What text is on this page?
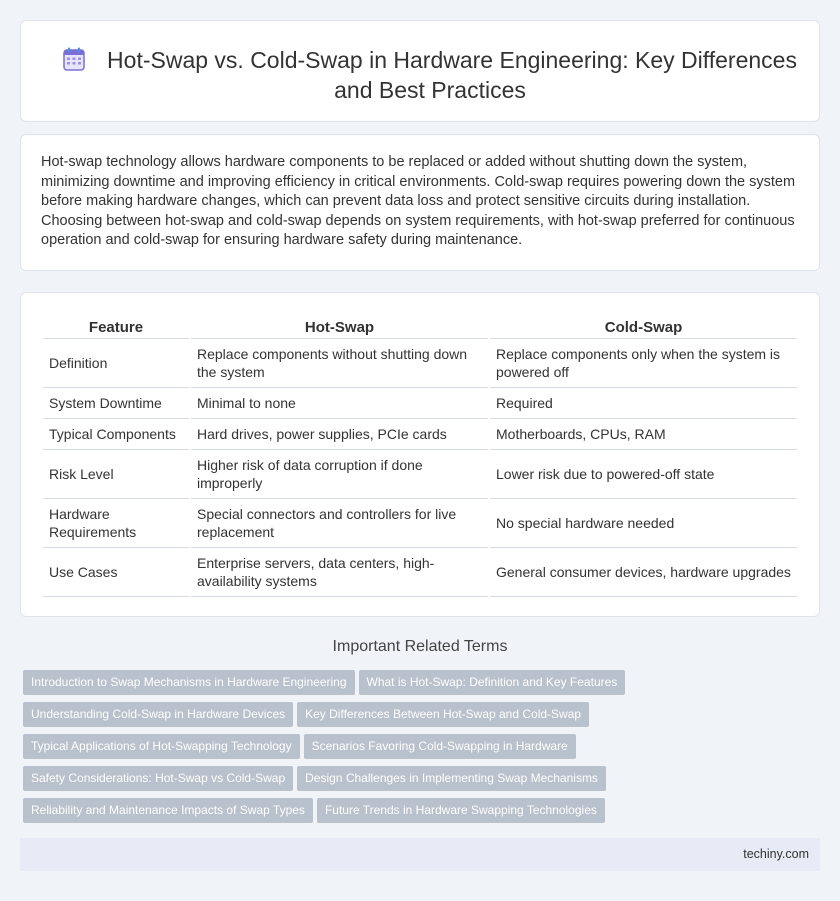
Hot-Swap vs. Cold-Swap in Hardware Engineering: Key Differences and Best Practices

Hot-swap technology allows hardware components to be replaced or added without shutting down the system, minimizing downtime and improving efficiency in critical environments. Cold-swap requires powering down the system before making hardware changes, which can prevent data loss and protect sensitive circuits during installation. Choosing between hot-swap and cold-swap depends on system requirements, with hot-swap preferred for continuous operation and cold-swap for ensuring hardware safety during maintenance.

Feature	Hot-Swap	Cold-Swap
Definition	Replace components without shutting down the system	Replace components only when the system is powered off
System Downtime	Minimal to none	Required
Typical Components	Hard drives, power supplies, PCIe cards	Motherboards, CPUs, RAM
Risk Level	Higher risk of data corruption if done improperly	Lower risk due to powered-off state
Hardware Requirements	Special connectors and controllers for live replacement	No special hardware needed
Use Cases	Enterprise servers, data centers, high-availability systems	General consumer devices, hardware upgrades
Important Related Terms
Introduction to Swap Mechanisms in Hardware Engineering What is Hot-Swap: Definition and Key Features
Understanding Cold-Swap in Hardware Devices Key Differences Between Hot-Swap and Cold-Swap
Typical Applications of Hot-Swapping Technology Scenarios Favoring Cold-Swapping in Hardware
Safety Considerations: Hot-Swap vs Cold-Swap Design Challenges in Implementing Swap Mechanisms
Reliability and Maintenance Impacts of Swap Types Future Trends in Hardware Swapping Technologies
techiny.com
